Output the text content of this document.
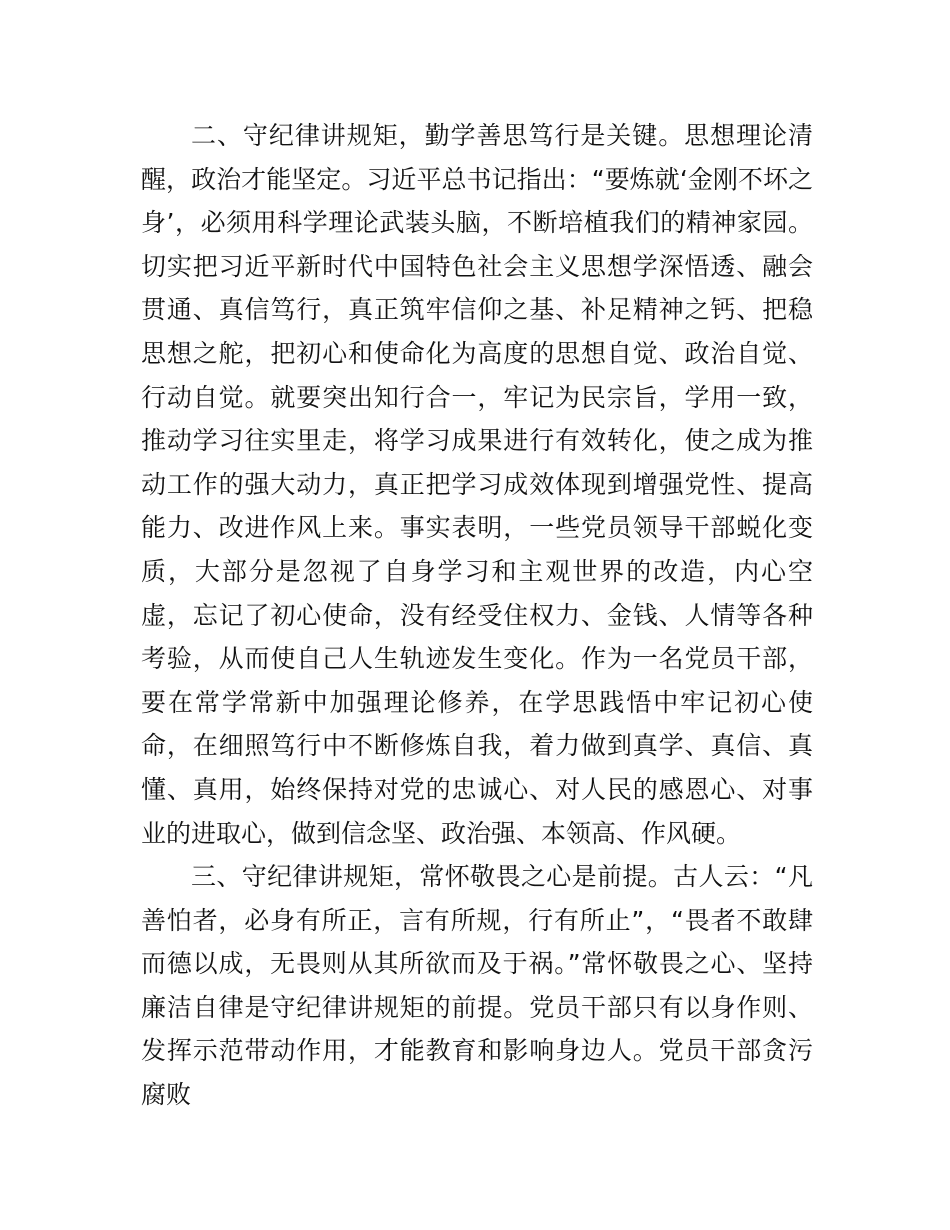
二、守纪律讲规矩，勤学善思笃行是关键。思想理论清醒，政治才能坚定。习近平总书记指出：“要炼就‘金刚不坏之身’，必须用科学理论武装头脑，不断培植我们的精神家园。切实把习近平新时代中国特色社会主义思想学深悟透、融会贯通、真信笃行，真正筑牢信仰之基、补足精神之钙、把稳思想之舵，把初心和使命化为高度的思想自觉、政治自觉、行动自觉。就要突出知行合一，牢记为民宗旨，学用一致，推动学习往实里走，将学习成果进行有效转化，使之成为推动工作的强大动力，真正把学习成效体现到增强党性、提高能力、改进作风上来。事实表明，一些党员领导干部蜕化变质，大部分是忽视了自身学习和主观世界的改造，内心空虚，忘记了初心使命，没有经受住权力、金钱、人情等各种考验，从而使自己人生轨迹发生变化。作为一名党员干部，要在常学常新中加强理论修养，在学思践悟中牢记初心使命，在细照笃行中不断修炼自我，着力做到真学、真信、真懂、真用，始终保持对党的忠诚心、对人民的感恩心、对事业的进取心，做到信念坚、政治强、本领高、作风硬。

三、守纪律讲规矩，常怀敬畏之心是前提。古人云：“凡善怕者，必身有所正，言有所规，行有所止”，“畏者不敢肆而德以成，无畏则从其所欲而及于祸。”常怀敬畏之心、坚持廉洁自律是守纪律讲规矩的前提。党员干部只有以身作则、发挥示范带动作用，才能教育和影响身边人。党员干部贪污腐败
